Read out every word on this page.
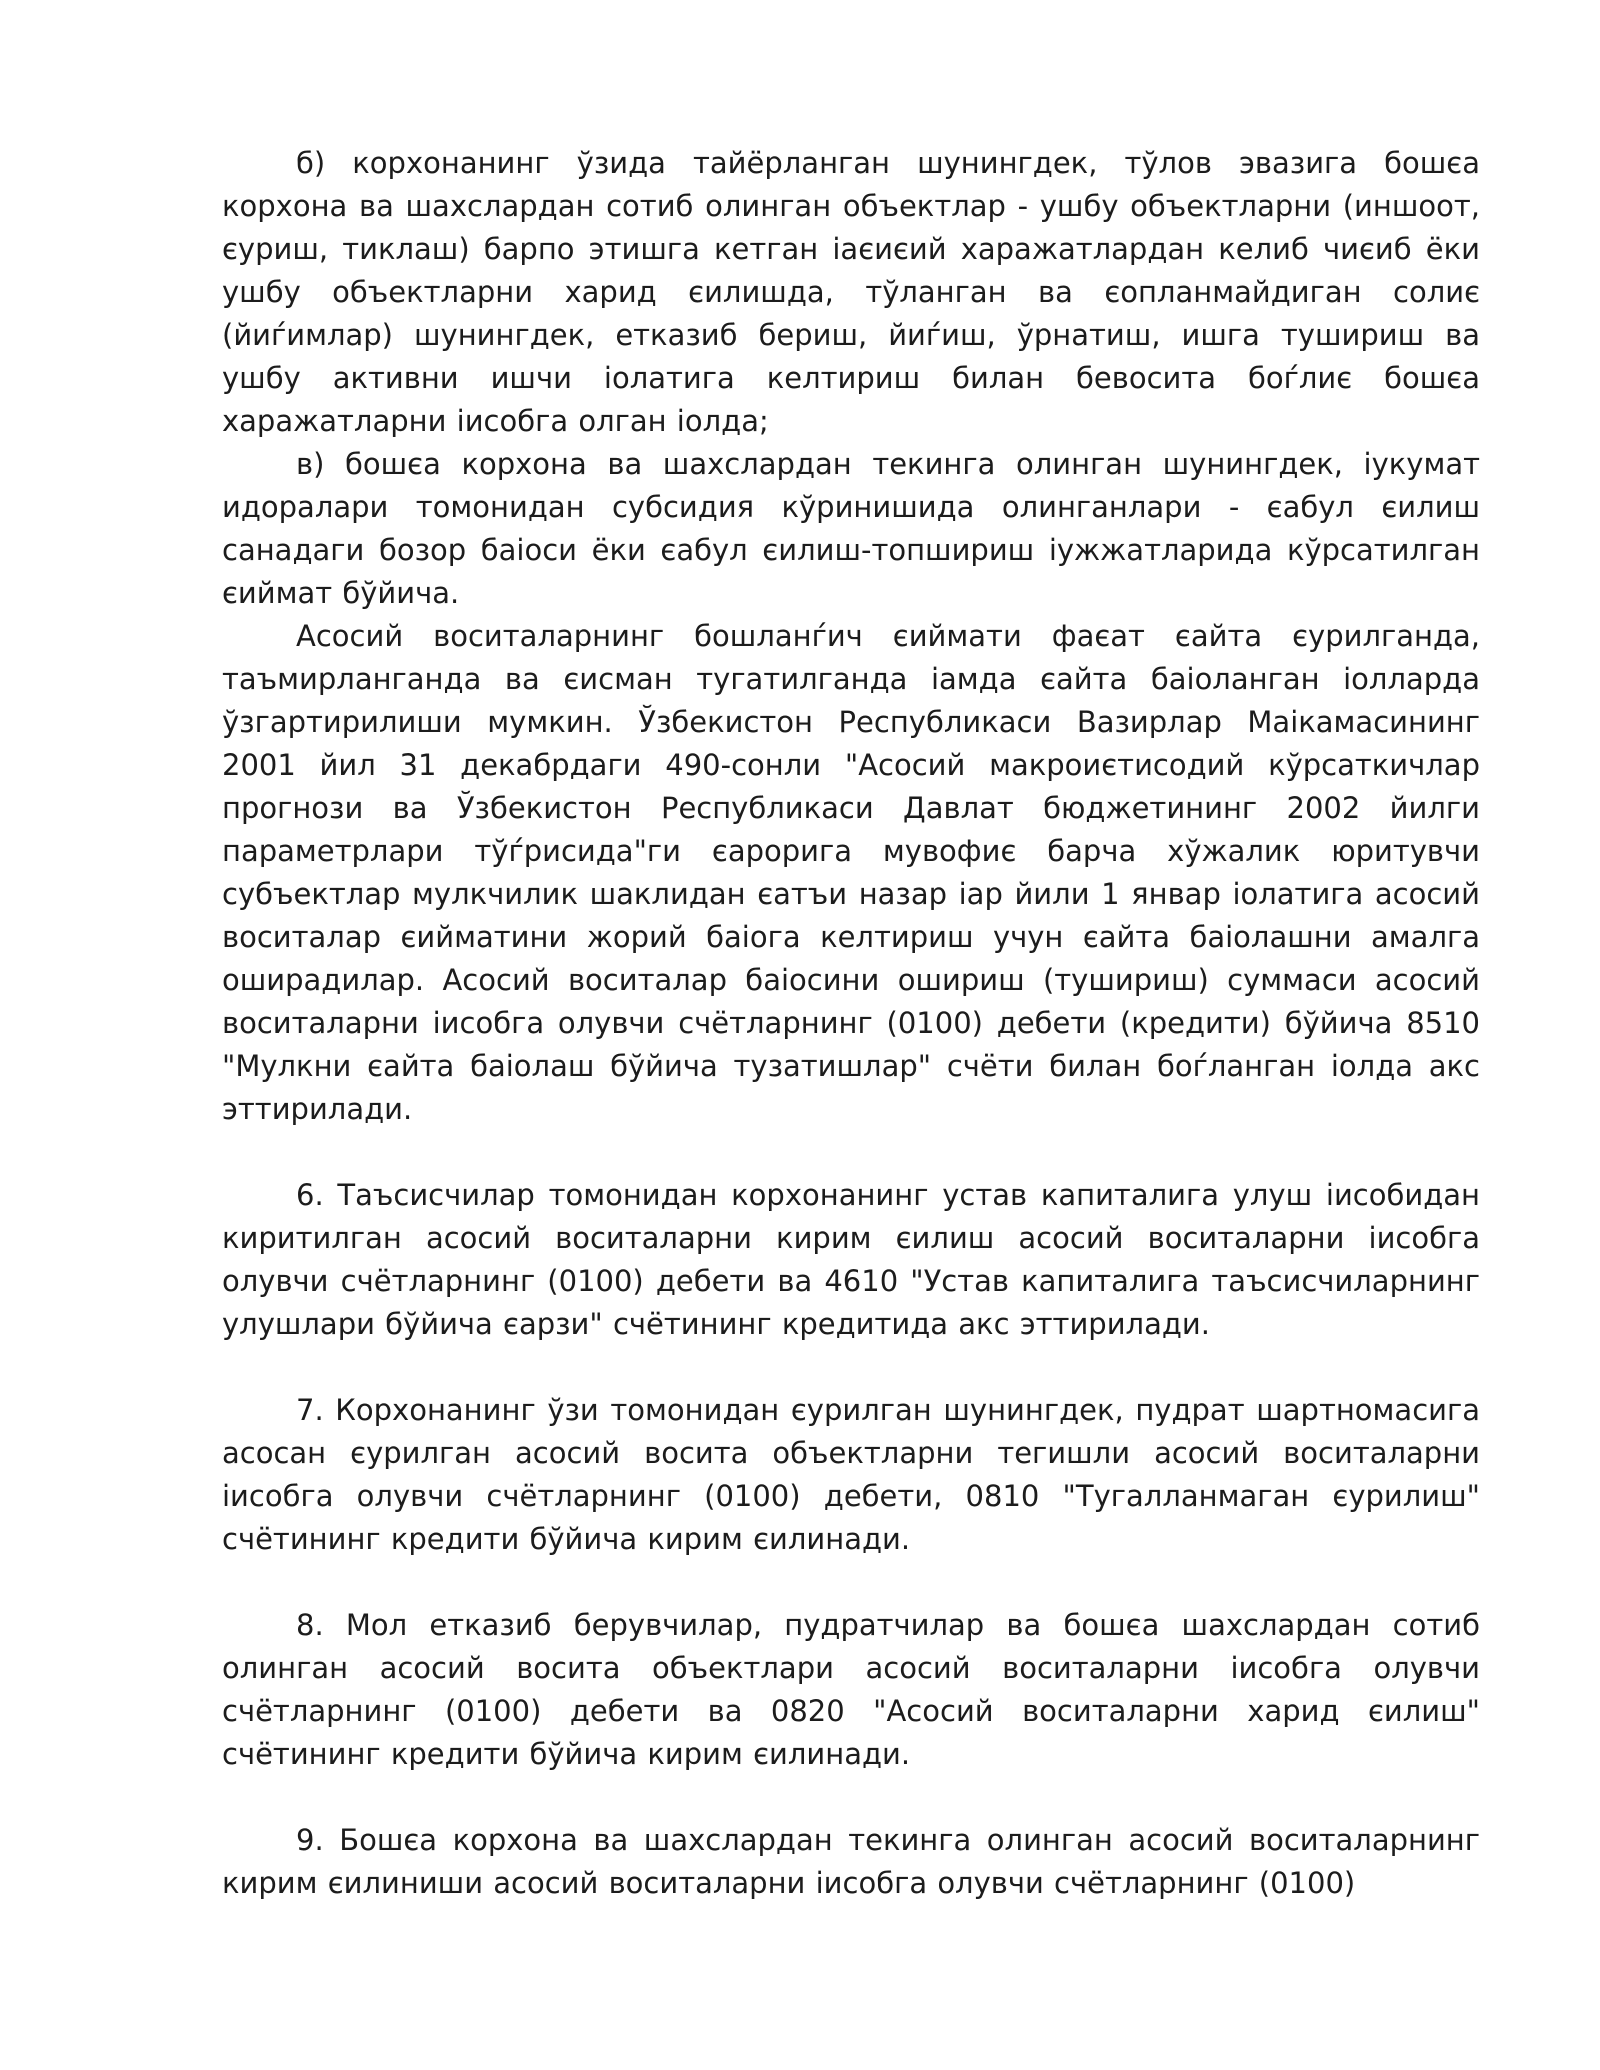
б) корхонанинг ўзида тайёрланган шунингдек, тўлов эвазига бошєа корхона ва шахслардан сотиб олинган объектлар - ушбу объектларни (иншоот, єуриш, тиклаш) барпо этишга кетган іаєиєий харажатлардан келиб чиєиб ёки ушбу объектларни харид єилишда, тўланган ва єопланмайдиган солиє (йиѓимлар) шунингдек, етказиб бериш, йиѓиш, ўрнатиш, ишга тушириш ва ушбу активни ишчи іолатига келтириш билан бевосита боѓлиє бошєа харажатларни іисобга олган іолда;

в) бошєа корхона ва шахслардан текинга олинган шунингдек, іукумат идоралари томонидан субсидия кўринишида олинганлари - єабул єилиш санадаги бозор баіоси ёки єабул єилиш-топшириш іужжатларида кўрсатилган єиймат бўйича.

Асосий воситаларнинг бошланѓич єиймати фаєат єайта єурилганда, таъмирланганда ва єисман тугатилганда іамда єайта баіоланган іолларда ўзгартирилиши мумкин. Ўзбекистон Республикаси Вазирлар Маікамасининг 2001 йил 31 декабрдаги 490-сонли "Асосий макроиєтисодий кўрсаткичлар прогнози ва Ўзбекистон Республикаси Давлат бюджетининг 2002 йилги параметрлари тўѓрисида"ги єарорига мувофиє барча хўжалик юритувчи субъектлар мулкчилик шаклидан єатъи назар іар йили 1 январ іолатига асосий воситалар єийматини жорий баіога келтириш учун єайта баіолашни амалга оширадилар. Асосий воситалар баіосини ошириш (тушириш) суммаси асосий воситаларни іисобга олувчи счётларнинг (0100) дебети (кредити) бўйича 8510 "Мулкни єайта баіолаш бўйича тузатишлар" счёти билан боѓланган іолда акс эттирилади.

6. Таъсисчилар томонидан корхонанинг устав капиталига улуш іисобидан киритилган асосий воситаларни кирим єилиш асосий воситаларни іисобга олувчи счётларнинг (0100) дебети ва 4610 "Устав капиталига таъсисчиларнинг улушлари бўйича єарзи" счётининг кредитида акс эттирилади.

7. Корхонанинг ўзи томонидан єурилган шунингдек, пудрат шартномасига асосан єурилган асосий восита объектларни тегишли асосий воситаларни іисобга олувчи счётларнинг (0100) дебети, 0810 "Тугалланмаган єурилиш" счётининг кредити бўйича кирим єилинади.

8. Мол етказиб берувчилар, пудратчилар ва бошєа шахслардан сотиб олинган асосий восита объектлари асосий воситаларни іисобга олувчи счётларнинг (0100) дебети ва 0820 "Асосий воситаларни харид єилиш" счётининг кредити бўйича кирим єилинади.

9. Бошєа корхона ва шахслардан текинга олинган асосий воситаларнинг кирим єилиниши асосий воситаларни іисобга олувчи счётларнинг (0100)
